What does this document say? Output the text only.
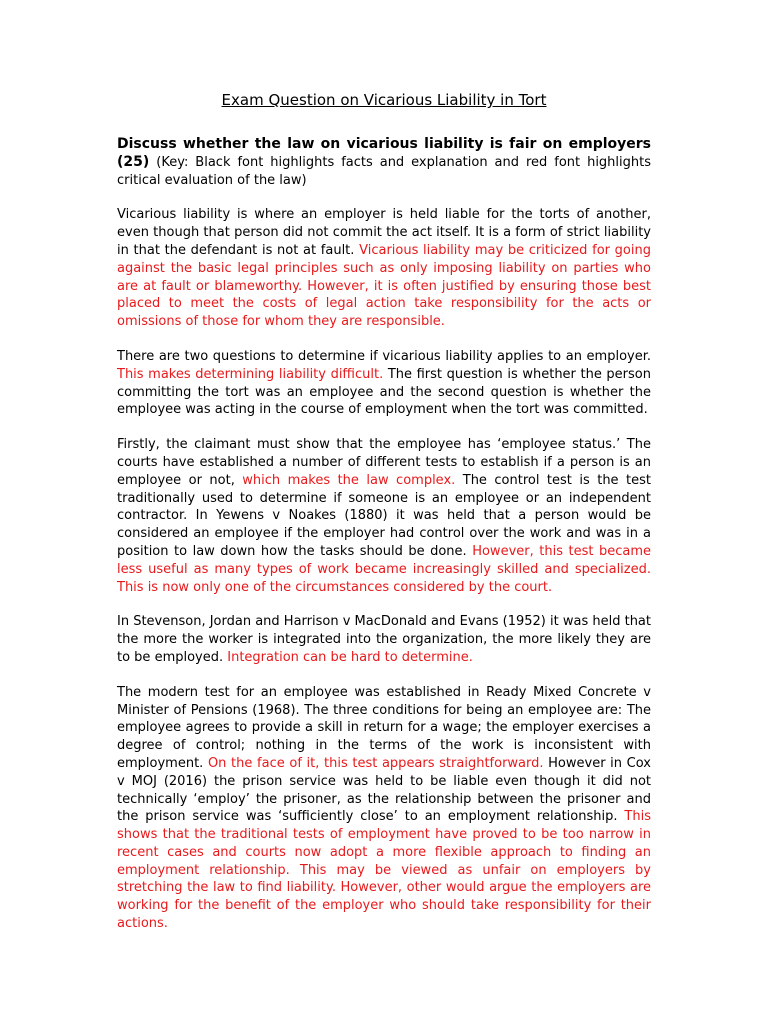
Exam Question on Vicarious Liability in Tort

Discuss whether the law on vicarious liability is fair on employers (25) (Key: Black font highlights facts and explanation and red font highlights critical evaluation of the law)

Vicarious liability is where an employer is held liable for the torts of another, even though that person did not commit the act itself. It is a form of strict liability in that the defendant is not at fault. Vicarious liability may be criticized for going against the basic legal principles such as only imposing liability on parties who are at fault or blameworthy. However, it is often justified by ensuring those best placed to meet the costs of legal action take responsibility for the acts or omissions of those for whom they are responsible.

There are two questions to determine if vicarious liability applies to an employer. This makes determining liability difficult. The first question is whether the person committing the tort was an employee and the second question is whether the employee was acting in the course of employment when the tort was committed.

Firstly, the claimant must show that the employee has ‘employee status.’ The courts have established a number of different tests to establish if a person is an employee or not, which makes the law complex. The control test is the test traditionally used to determine if someone is an employee or an independent contractor. In Yewens v Noakes (1880) it was held that a person would be considered an employee if the employer had control over the work and was in a position to law down how the tasks should be done. However, this test became less useful as many types of work became increasingly skilled and specialized. This is now only one of the circumstances considered by the court.

In Stevenson, Jordan and Harrison v MacDonald and Evans (1952) it was held that the more the worker is integrated into the organization, the more likely they are to be employed. Integration can be hard to determine.

The modern test for an employee was established in Ready Mixed Concrete v Minister of Pensions (1968). The three conditions for being an employee are: The employee agrees to provide a skill in return for a wage; the employer exercises a degree of control; nothing in the terms of the work is inconsistent with employment. On the face of it, this test appears straightforward. However in Cox v MOJ (2016) the prison service was held to be liable even though it did not technically ‘employ’ the prisoner, as the relationship between the prisoner and the prison service was ‘sufficiently close’ to an employment relationship. This shows that the traditional tests of employment have proved to be too narrow in recent cases and courts now adopt a more flexible approach to finding an employment relationship. This may be viewed as unfair on employers by stretching the law to find liability. However, other would argue the employers are working for the benefit of the employer who should take responsibility for their actions.
